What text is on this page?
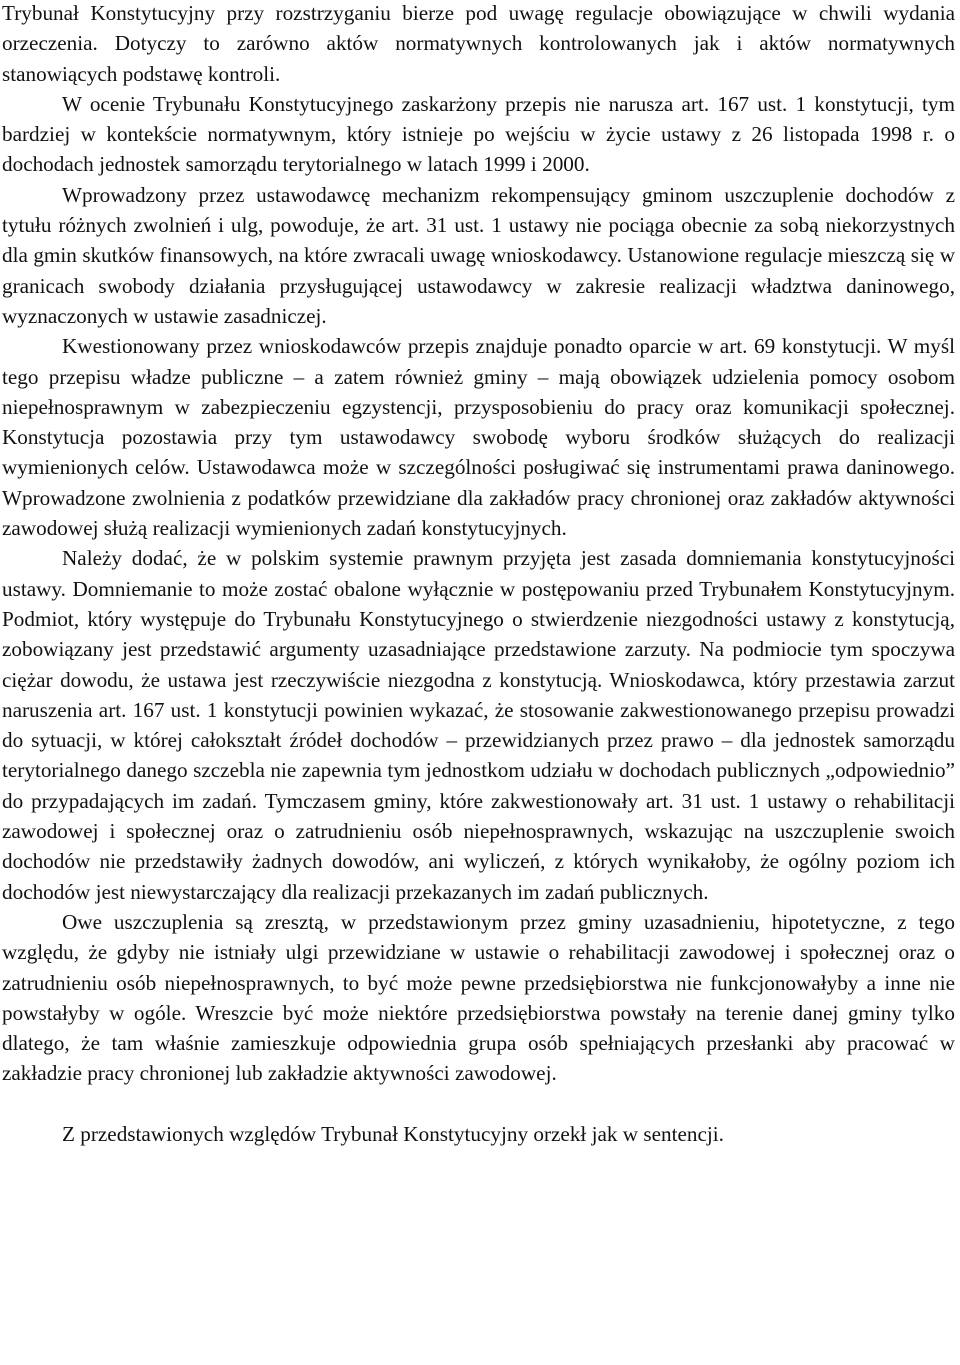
Trybunał Konstytucyjny przy rozstrzyganiu bierze pod uwagę regulacje obowiązujące w chwili wydania orzeczenia. Dotyczy to zarówno aktów normatywnych kontrolowanych jak i aktów normatywnych stanowiących podstawę kontroli.

W ocenie Trybunału Konstytucyjnego zaskarżony przepis nie narusza art. 167 ust. 1 konstytucji, tym bardziej w kontekście normatywnym, który istnieje po wejściu w życie ustawy z 26 listopada 1998 r. o dochodach jednostek samorządu terytorialnego w latach 1999 i 2000.

Wprowadzony przez ustawodawcę mechanizm rekompensujący gminom uszczuplenie dochodów z tytułu różnych zwolnień i ulg, powoduje, że art. 31 ust. 1 ustawy nie pociąga obecnie za sobą niekorzystnych dla gmin skutków finansowych, na które zwracali uwagę wnioskodawcy. Ustanowione regulacje mieszczą się w granicach swobody działania przysługującej ustawodawcy w zakresie realizacji władztwa daninowego, wyznaczonych w ustawie zasadniczej.

Kwestionowany przez wnioskodawców przepis znajduje ponadto oparcie w art. 69 konstytucji. W myśl tego przepisu władze publiczne – a zatem również gminy – mają obowiązek udzielenia pomocy osobom niepełnosprawnym w zabezpieczeniu egzystencji, przysposobieniu do pracy oraz komunikacji społecznej. Konstytucja pozostawia przy tym ustawodawcy swobodę wyboru środków służących do realizacji wymienionych celów. Ustawodawca może w szczególności posługiwać się instrumentami prawa daninowego. Wprowadzone zwolnienia z podatków przewidziane dla zakładów pracy chronionej oraz zakładów aktywności zawodowej służą realizacji wymienionych zadań konstytucyjnych.

Należy dodać, że w polskim systemie prawnym przyjęta jest zasada domniemania konstytucyjności ustawy. Domniemanie to może zostać obalone wyłącznie w postępowaniu przed Trybunałem Konstytucyjnym. Podmiot, który występuje do Trybunału Konstytucyjnego o stwierdzenie niezgodności ustawy z konstytucją, zobowiązany jest przedstawić argumenty uzasadniające przedstawione zarzuty. Na podmiocie tym spoczywa ciężar dowodu, że ustawa jest rzeczywiście niezgodna z konstytucją. Wnioskodawca, który przestawia zarzut naruszenia art. 167 ust. 1 konstytucji powinien wykazać, że stosowanie zakwestionowanego przepisu prowadzi do sytuacji, w której całokształt źródeł dochodów – przewidzianych przez prawo – dla jednostek samorządu terytorialnego danego szczebla nie zapewnia tym jednostkom udziału w dochodach publicznych „odpowiednio” do przypadających im zadań. Tymczasem gminy, które zakwestionowały art. 31 ust. 1 ustawy o rehabilitacji zawodowej i społecznej oraz o zatrudnieniu osób niepełnosprawnych, wskazując na uszczuplenie swoich dochodów nie przedstawiły żadnych dowodów, ani wyliczeń, z których wynikałoby, że ogólny poziom ich dochodów jest niewystarczający dla realizacji przekazanych im zadań publicznych.

Owe uszczuplenia są zresztą, w przedstawionym przez gminy uzasadnieniu, hipotetyczne, z tego względu, że gdyby nie istniały ulgi przewidziane w ustawie o rehabilitacji zawodowej i społecznej oraz o zatrudnieniu osób niepełnosprawnych, to być może pewne przedsiębiorstwa nie funkcjonowałyby a inne nie powstałyby w ogóle. Wreszcie być może niektóre przedsiębiorstwa powstały na terenie danej gminy tylko dlatego, że tam właśnie zamieszkuje odpowiednia grupa osób spełniających przesłanki aby pracować w zakładzie pracy chronionej lub zakładzie aktywności zawodowej.

Z przedstawionych względów Trybunał Konstytucyjny orzekł jak w sentencji.
